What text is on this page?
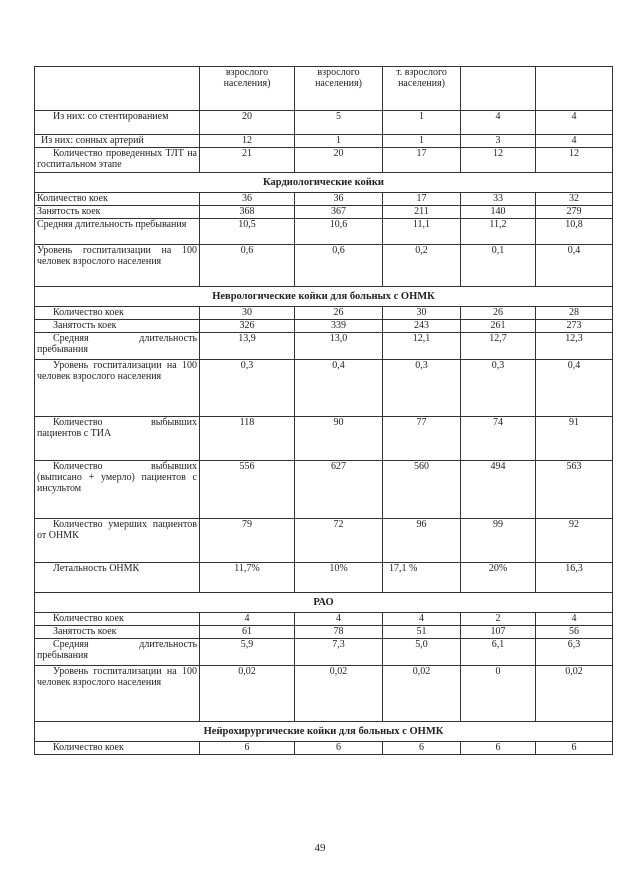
	взрослого населения)	взрослого населения)	т. взрослого населения)		
Из них: со стентированием	20	5	1	4	4
Из них: сонных артерий	12	1	1	3	4
Количество проведенных ТЛТ на госпитальном этапе	21	20	17	12	12
Кардиологические койки					
Количество коек	36	36	17	33	32
Занятость коек	368	367	211	140	279
Средняя длительность пребывания	10,5	10,6	11,1	11,2	10,8
Уровень госпитализации на 100 человек взрослого населения	0,6	0,6	0,2	0,1	0,4
Неврологические койки для больных с ОНМК					
Количество коек	30	26	30	26	28
Занятость коек	326	339	243	261	273
Средняя длительность пребывания	13,9	13,0	12,1	12,7	12,3
Уровень госпитализации на 100 человек взрослого населения	0,3	0,4	0,3	0,3	0,4
Количество выбывших пациентов с ТИА	118	90	77	74	91
Количество выбывших (выписано + умерло) пациентов с инсультом	556	627	560	494	563
Количество умерших пациентов от ОНМК	79	72	96	99	92
Летальность ОНМК	11,7%	10%	17,1 %	20%	16,3
РАО					
Количество коек	4	4	4	2	4
Занятость коек	61	78	51	107	56
Средняя длительность пребывания	5,9	7,3	5,0	6,1	6,3
Уровень госпитализации на 100 человек взрослого населения	0,02	0,02	0,02	0	0,02
Нейрохирургические койки для больных с ОНМК					
Количество коек	6	6	6	6	6
49
